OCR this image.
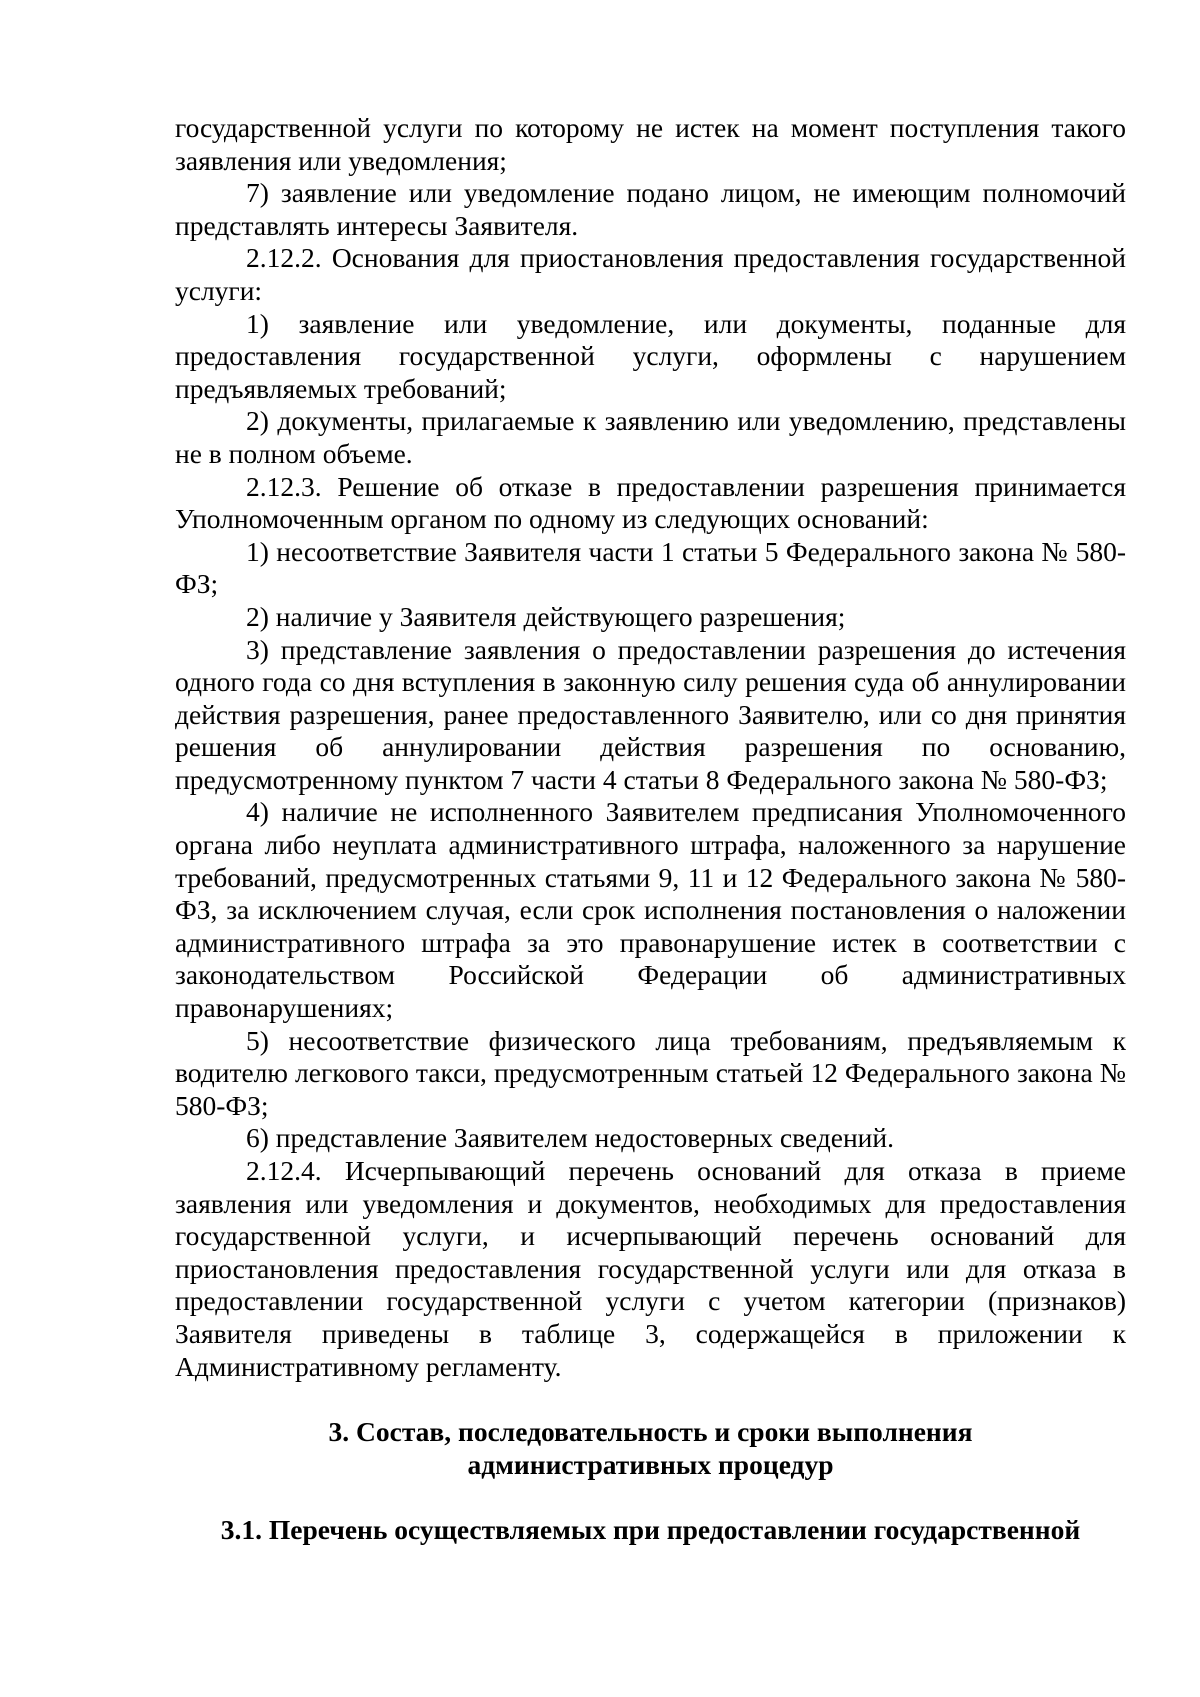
государственной услуги по которому не истек на момент поступления такого заявления или уведомления;

7) заявление или уведомление подано лицом, не имеющим полномочий представлять интересы Заявителя.

2.12.2. Основания для приостановления предоставления государственной услуги:

1) заявление или уведомление, или документы, поданные для предоставления государственной услуги, оформлены с нарушением предъявляемых требований;

2) документы, прилагаемые к заявлению или уведомлению, представлены не в полном объеме.

2.12.3. Решение об отказе в предоставлении разрешения принимается Уполномоченным органом по одному из следующих оснований:

1) несоответствие Заявителя части 1 статьи 5 Федерального закона № 580-ФЗ;

2) наличие у Заявителя действующего разрешения;

3) представление заявления о предоставлении разрешения до истечения одного года со дня вступления в законную силу решения суда об аннулировании действия разрешения, ранее предоставленного Заявителю, или со дня принятия решения об аннулировании действия разрешения по основанию, предусмотренному пунктом 7 части 4 статьи 8 Федерального закона № 580-ФЗ;

4) наличие не исполненного Заявителем предписания Уполномоченного органа либо неуплата административного штрафа, наложенного за нарушение требований, предусмотренных статьями 9, 11 и 12 Федерального закона № 580-ФЗ, за исключением случая, если срок исполнения постановления о наложении административного штрафа за это правонарушение истек в соответствии с законодательством Российской Федерации об административных правонарушениях;

5) несоответствие физического лица требованиям, предъявляемым к водителю легкового такси, предусмотренным статьей 12 Федерального закона № 580-ФЗ;

6) представление Заявителем недостоверных сведений.

2.12.4. Исчерпывающий перечень оснований для отказа в приеме заявления или уведомления и документов, необходимых для предоставления государственной услуги, и исчерпывающий перечень оснований для приостановления предоставления государственной услуги или для отказа в предоставлении государственной услуги с учетом категории (признаков) Заявителя приведены в таблице 3, содержащейся в приложении к Административному регламенту.

3. Состав, последовательность и сроки выполнения
административных процедур
3.1. Перечень осуществляемых при предоставлении государственной
